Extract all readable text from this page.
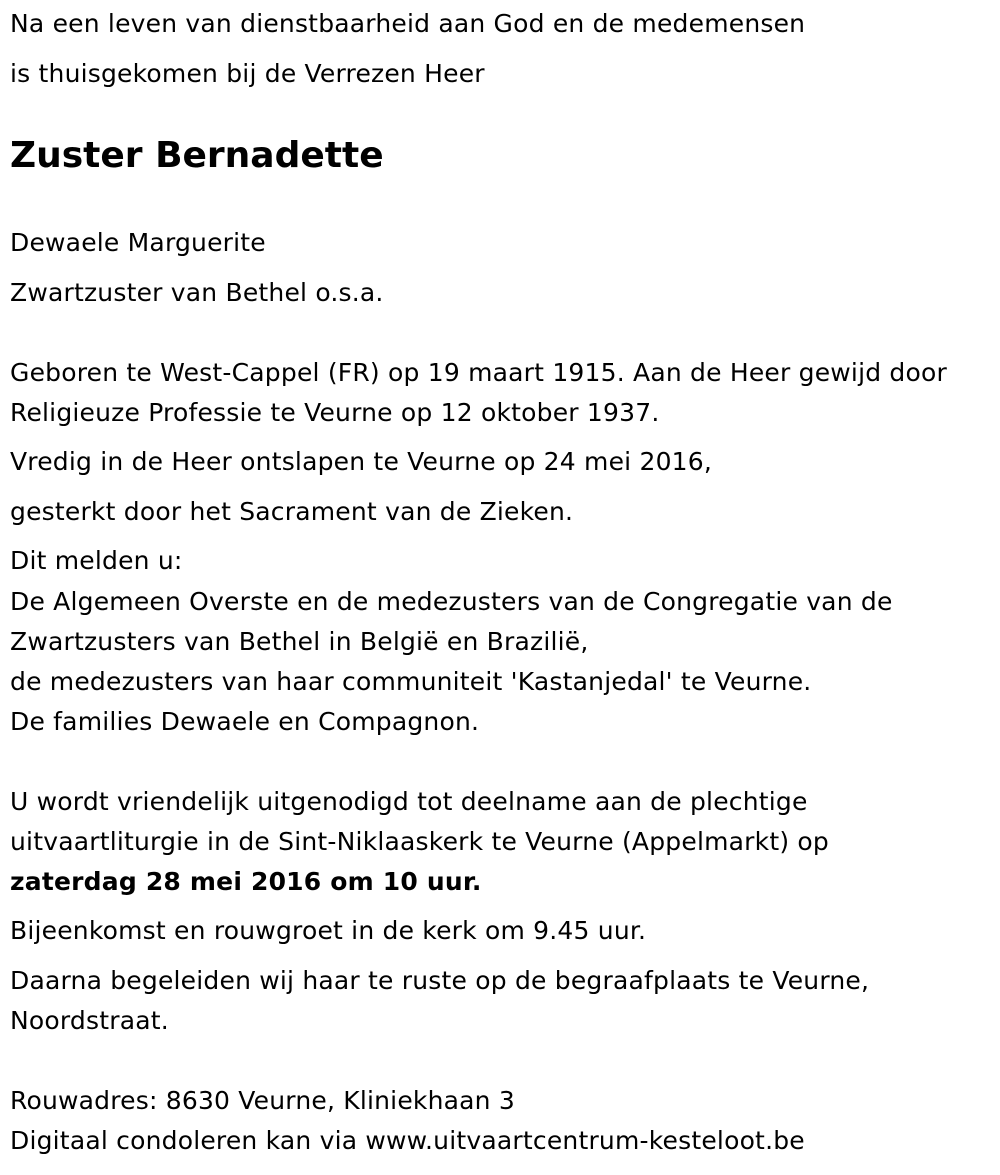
Na een leven van dienstbaarheid aan God en de medemensen
is thuisgekomen bij de Verrezen Heer
Zuster Bernadette
Dewaele Marguerite
Zwartzuster van Bethel o.s.a.
Geboren te West-Cappel (FR) op 19 maart 1915. Aan de Heer gewijd door
Religieuze Professie te Veurne op 12 oktober 1937.
Vredig in de Heer ontslapen te Veurne op 24 mei 2016,
gesterkt door het Sacrament van de Zieken.
Dit melden u:
De Algemeen Overste en de medezusters van de Congregatie van de
Zwartzusters van Bethel in België en Brazilië,
de medezusters van haar communiteit 'Kastanjedal' te Veurne.
De families Dewaele en Compagnon.
U wordt vriendelijk uitgenodigd tot deelname aan de plechtige
uitvaartliturgie in de Sint-Niklaaskerk te Veurne (Appelmarkt) op
zaterdag 28 mei 2016 om 10 uur.
Bijeenkomst en rouwgroet in de kerk om 9.45 uur.
Daarna begeleiden wij haar te ruste op de begraafplaats te Veurne,
Noordstraat.
Rouwadres: 8630 Veurne, Kliniekhaan 3
Digitaal condoleren kan via www.uitvaartcentrum-kesteloot.be
